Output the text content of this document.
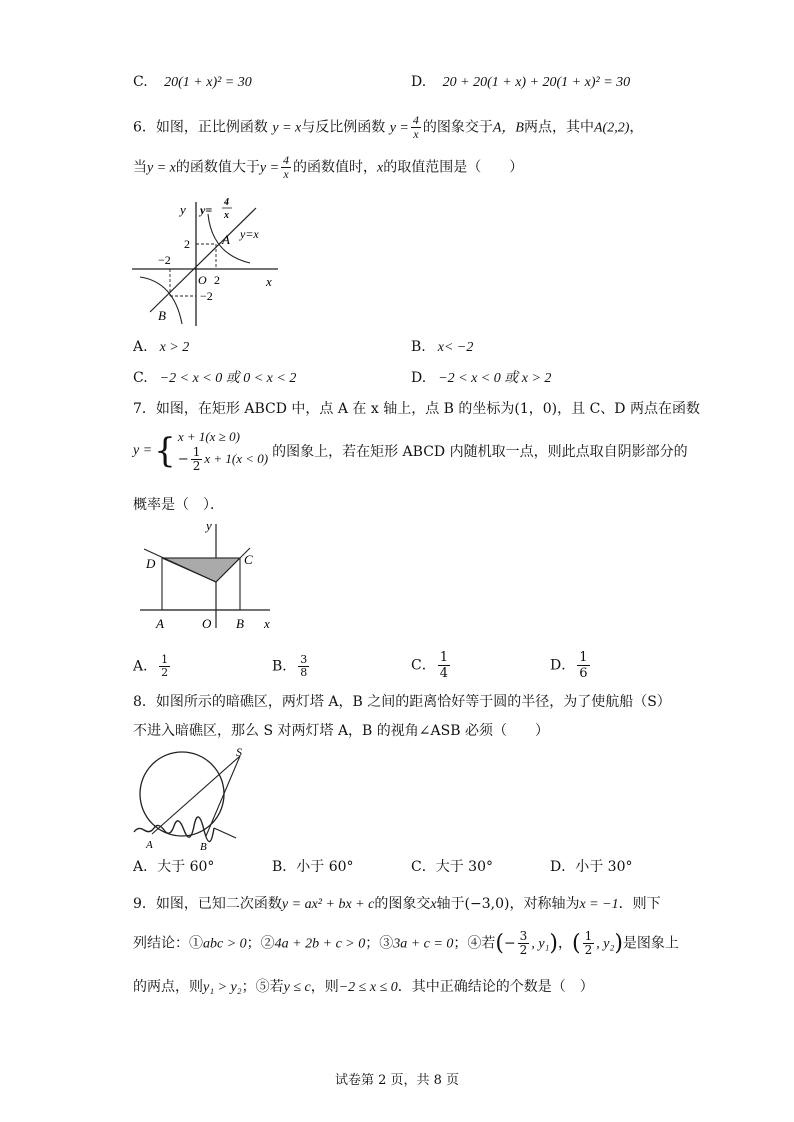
C. 20(1 + x)² = 30	D. 20 + 20(1 + x) + 20(1 + x)² = 30
6．如图，正比例函数 y = x与反比例函数 $y = \frac{4}{x}$ 的图象交于A，B两点，其中A(2,2)，
当y = x的函数值大于$y = \frac{4}{x}$ 的函数值时，x的取值范围是（　　）
y y=
4
x
y=x
A
B
2
−2
O 2
−2
x
A. x > 2	B. x< −2
C. −2 < x < 0 或 0 < x < 2	D. −2 < x < 0 或 x > 2
7．如图，在矩形 ABCD 中，点 A 在 x 轴上，点 B 的坐标为(1，0)，且 C、D 两点在函数
y = { x + 1(x ≥ 0)
− $\frac{1}{2}$ x + 1(x < 0) 的图象上，若在矩形 ABCD 内随机取一点，则此点取自阴影部分的
概率是（　）．
y
D	C
A	O B x
A． $\frac{1}{2}$	B． $\frac{3}{8}$	C． $\frac{1}{4}$	D． $\frac{1}{6}$
8．如图所示的暗礁区，两灯塔 A，B 之间的距离恰好等于圆的半径，为了使航船（S）
不进入暗礁区，那么 S 对两灯塔 A，B 的视角∠ASB 必须（　　）
S
A	B
A．大于 60°	B．小于 60°	C．大于 30°	D．小于 30°
9．如图，已知二次函数y = ax² + bx + c的图象交x轴于(−3,0)，对称轴为x = −1．则下
列结论：①abc > 0；②4a + 2b + c > 0；③3a + c = 0；④若(− $\frac{3}{2}$ , y₁)，( $\frac{1}{2}$ , y₂)是图象上
的两点，则y₁ > y₂；⑤若y ≤ c，则−2 ≤ x ≤ 0．其中正确结论的个数是（　）
试卷第 2 页，共 8 页
